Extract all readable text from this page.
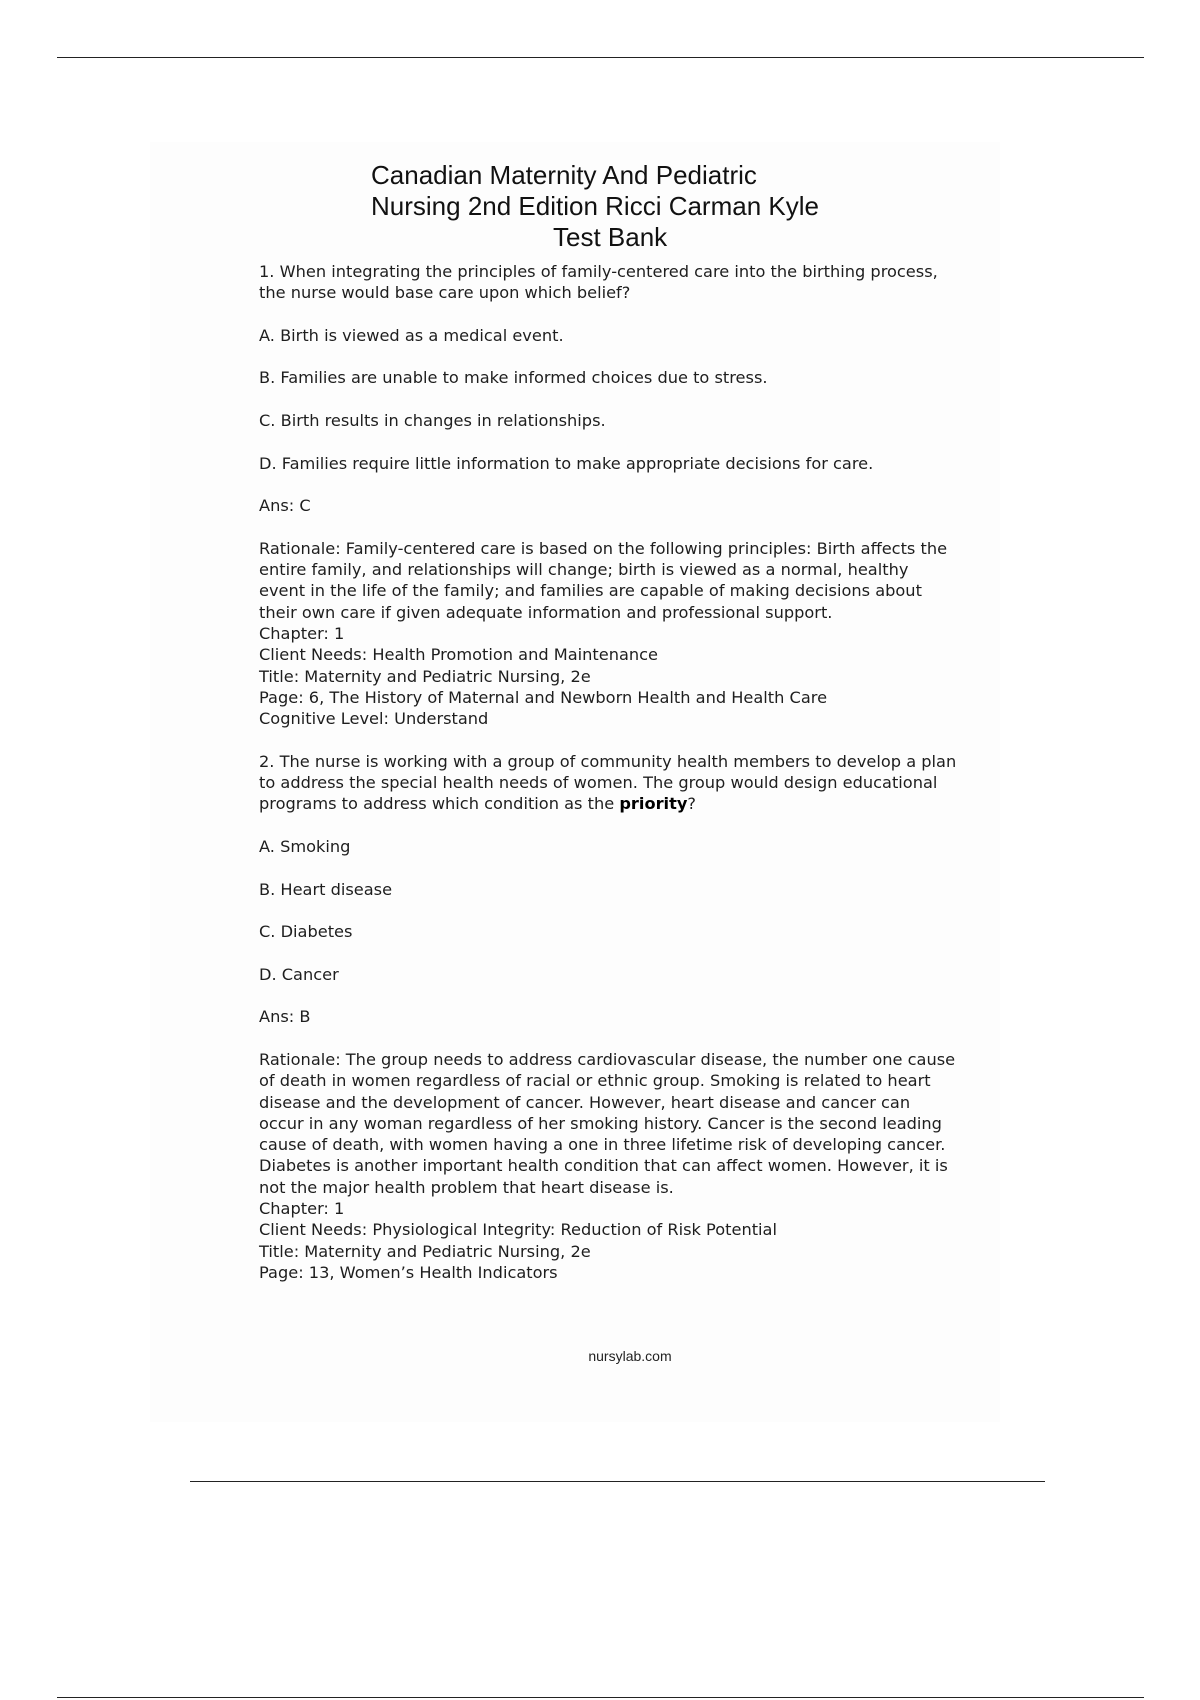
Canadian Maternity And Pediatric
Nursing 2nd Edition Ricci Carman Kyle
Test Bank

1. When integrating the principles of family-centered care into the birthing process, the nurse would base care upon which belief?

A. Birth is viewed as a medical event.

B. Families are unable to make informed choices due to stress.

C. Birth results in changes in relationships.

D. Families require little information to make appropriate decisions for care.

Ans: C

Rationale: Family-centered care is based on the following principles: Birth affects the entire family, and relationships will change; birth is viewed as a normal, healthy event in the life of the family; and families are capable of making decisions about their own care if given adequate information and professional support.

Chapter: 1

Client Needs: Health Promotion and Maintenance

Title: Maternity and Pediatric Nursing, 2e

Page: 6, The History of Maternal and Newborn Health and Health Care

Cognitive Level: Understand

2. The nurse is working with a group of community health members to develop a plan to address the special health needs of women. The group would design educational programs to address which condition as the priority?

A. Smoking

B. Heart disease

C. Diabetes

D. Cancer

Ans: B

Rationale: The group needs to address cardiovascular disease, the number one cause of death in women regardless of racial or ethnic group. Smoking is related to heart disease and the development of cancer. However, heart disease and cancer can occur in any woman regardless of her smoking history. Cancer is the second leading cause of death, with women having a one in three lifetime risk of developing cancer. Diabetes is another important health condition that can affect women. However, it is not the major health problem that heart disease is.

Chapter: 1

Client Needs: Physiological Integrity: Reduction of Risk Potential

Title: Maternity and Pediatric Nursing, 2e

Page: 13, Women’s Health Indicators

nursylab.com
